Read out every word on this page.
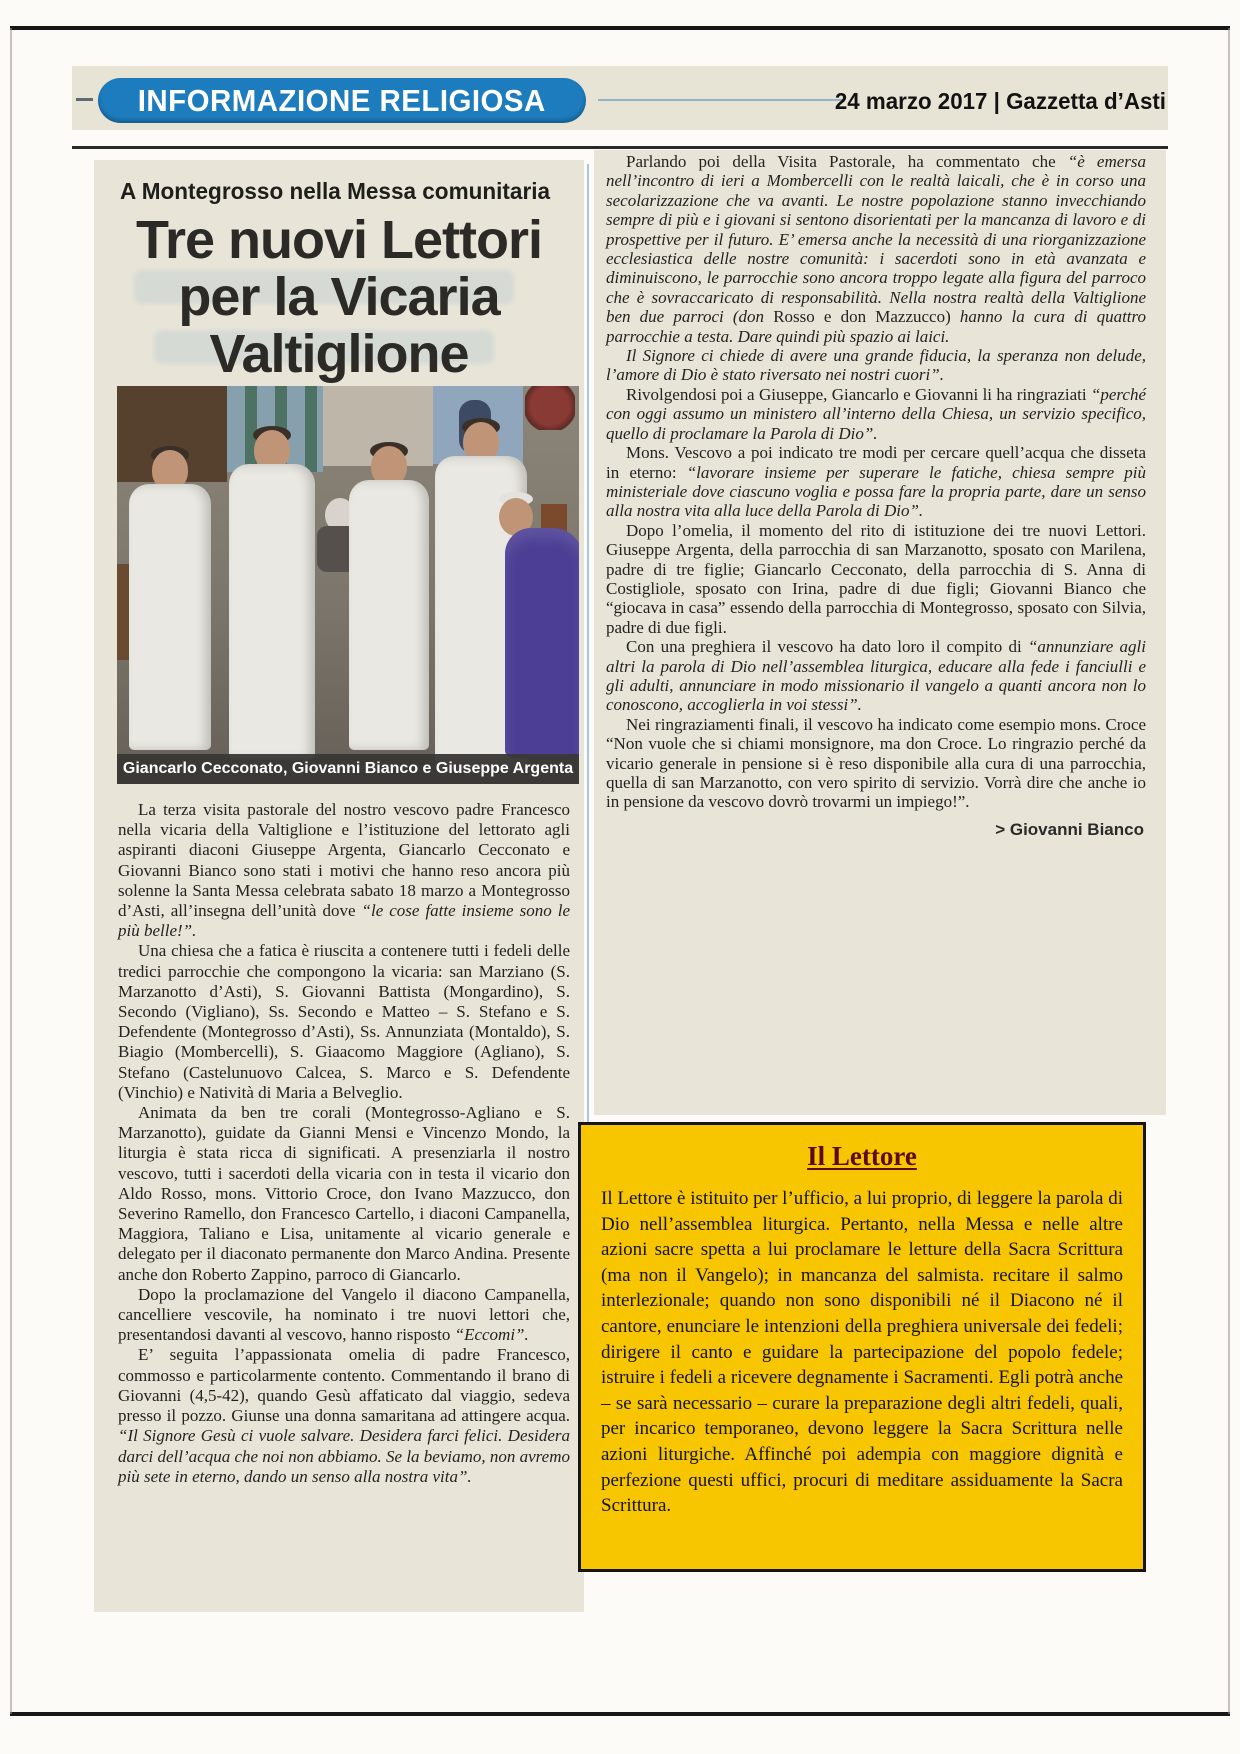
INFORMAZIONE RELIGIOSA	24 marzo 2017 | Gazzetta d’Asti
A Montegrosso nella Messa comunitaria
Tre nuovi Lettori
per la Vicaria
Valtiglione
Giancarlo Cecconato, Giovanni Bianco e Giuseppe Argenta

La terza visita pastorale del nostro vescovo padre Francesco nella vicaria della Valtiglione e l’istituzione del lettorato agli aspiranti diaconi Giuseppe Argenta, Giancarlo Cecconato e Giovanni Bianco sono stati i motivi che hanno reso ancora più solenne la Santa Messa celebrata sabato 18 marzo a Montegrosso d’Asti, all’insegna dell’unità dove “le cose fatte insieme sono le più belle!”.

Una chiesa che a fatica è riuscita a contenere tutti i fedeli delle tredici parrocchie che compongono la vicaria: san Marziano (S. Marzanotto d’Asti), S. Giovanni Battista (Mongardino), S. Secondo (Vigliano), Ss. Secondo e Matteo – S. Stefano e S. Defendente (Montegrosso d’Asti), Ss. Annunziata (Montaldo), S. Biagio (Mombercelli), S. Giaacomo Maggiore (Agliano), S. Stefano (Castelunuovo Calcea, S. Marco e S. Defendente (Vinchio) e Natività di Maria a Belveglio.

Animata da ben tre corali (Montegrosso-Agliano e S. Marzanotto), guidate da Gianni Mensi e Vincenzo Mondo, la liturgia è stata ricca di significati. A presenziarla il nostro vescovo, tutti i sacerdoti della vicaria con in testa il vicario don Aldo Rosso, mons. Vittorio Croce, don Ivano Mazzucco, don Severino Ramello, don Francesco Cartello, i diaconi Campanella, Maggiora, Taliano e Lisa, unitamente al vicario generale e delegato per il diaconato permanente don Marco Andina. Presente anche don Roberto Zappino, parroco di Giancarlo.

Dopo la proclamazione del Vangelo il diacono Campanella, cancelliere vescovile, ha nominato i tre nuovi lettori che, presentandosi davanti al vescovo, hanno risposto “Eccomi”.

E’ seguita l’appassionata omelia di padre Francesco, commosso e particolarmente contento. Commentando il brano di Giovanni (4,5-42), quando Gesù affaticato dal viaggio, sedeva presso il pozzo. Giunse una donna samaritana ad attingere acqua. “Il Signore Gesù ci vuole salvare. Desidera farci felici. Desidera darci dell’acqua che noi non abbiamo. Se la beviamo, non avremo più sete in eterno, dando un senso alla nostra vita”.

Parlando poi della Visita Pastorale, ha commentato che “è emersa nell’incontro di ieri a Mombercelli con le realtà laicali, che è in corso una secolarizzazione che va avanti. Le nostre popolazione stanno invecchiando sempre di più e i giovani si sentono disorientati per la mancanza di lavoro e di prospettive per il futuro. E’ emersa anche la necessità di una riorganizzazione ecclesiastica delle nostre comunità: i sacerdoti sono in età avanzata e diminuiscono, le parrocchie sono ancora troppo legate alla figura del parroco che è sovraccaricato di responsabilità. Nella nostra realtà della Valtiglione ben due parroci (don Rosso e don Mazzucco) hanno la cura di quattro parrocchie a testa. Dare quindi più spazio ai laici.

Il Signore ci chiede di avere una grande fiducia, la speranza non delude, l’amore di Dio è stato riversato nei nostri cuori”.

Rivolgendosi poi a Giuseppe, Giancarlo e Giovanni li ha ringraziati “perché con oggi assumo un ministero all’interno della Chiesa, un servizio specifico, quello di proclamare la Parola di Dio”.

Mons. Vescovo a poi indicato tre modi per cercare quell’acqua che disseta in eterno: “lavorare insieme per superare le fatiche, chiesa sempre più ministeriale dove ciascuno voglia e possa fare la propria parte, dare un senso alla nostra vita alla luce della Parola di Dio”.

Dopo l’omelia, il momento del rito di istituzione dei tre nuovi Lettori. Giuseppe Argenta, della parrocchia di san Marzanotto, sposato con Marilena, padre di tre figlie; Giancarlo Cecconato, della parrocchia di S. Anna di Costigliole, sposato con Irina, padre di due figli; Giovanni Bianco che “giocava in casa” essendo della parrocchia di Montegrosso, sposato con Silvia, padre di due figli.

Con una preghiera il vescovo ha dato loro il compito di “annunziare agli altri la parola di Dio nell’assemblea liturgica, educare alla fede i fanciulli e gli adulti, annunciare in modo missionario il vangelo a quanti ancora non lo conoscono, accoglierla in voi stessi”.

Nei ringraziamenti finali, il vescovo ha indicato come esempio mons. Croce “Non vuole che si chiami monsignore, ma don Croce. Lo ringrazio perché da vicario generale in pensione si è reso disponibile alla cura di una parrocchia, quella di san Marzanotto, con vero spirito di servizio. Vorrà dire che anche io in pensione da vescovo dovrò trovarmi un impiego!”.

> Giovanni Bianco
Il Lettore

Il Lettore è istituito per l’ufficio, a lui proprio, di leggere la parola di Dio nell’assemblea liturgica. Pertanto, nella Messa e nelle altre azioni sacre spetta a lui proclamare le letture della Sacra Scrittura (ma non il Vangelo); in mancanza del salmista. recitare il salmo interlezionale; quando non sono disponibili né il Diacono né il cantore, enunciare le intenzioni della preghiera universale dei fedeli; dirigere il canto e guidare la partecipazione del popolo fedele; istruire i fedeli a ricevere degnamente i Sacramenti. Egli potrà anche – se sarà necessario – curare la preparazione degli altri fedeli, quali, per incarico temporaneo, devono leggere la Sacra Scrittura nelle azioni liturgiche. Affinché poi adempia con maggiore dignità e perfezione questi uffici, procuri di meditare assiduamente la Sacra Scrittura.
